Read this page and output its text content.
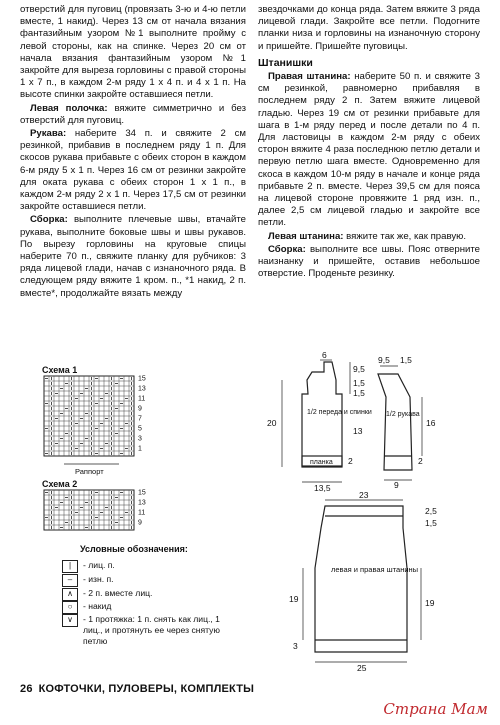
отверстий для пуговиц (провязать 3-ю и 4-ю петли вместе, 1 накид). Через 13 см от начала вязания фантазийным узором №1 выполните пройму с левой стороны, как на спинке. Через 20 см от начала вязания фантазийным узором №1 закройте для выреза горловины с правой стороны 1 х 7 п., в каждом 2-м ряду 1 х 4 п. и 4 х 1 п. На высоте спинки закройте оставшиеся петли.

Левая полочка: вяжите симметрично и без отверстий для пуговиц.

Рукава: наберите 34 п. и свяжите 2 см резинкой, прибавив в последнем ряду 1 п. Для скосов рукава прибавьте с обеих сторон в каждом 6-м ряду 5 х 1 п. Через 16 см от резинки закройте для оката рукава с обеих сторон 1 х 1 п., в каждом 2-м ряду 2 х 1 п. Через 17,5 см от резинки закройте оставшиеся петли.

Сборка: выполните плечевые швы, втачайте рукава, выполните боковые швы и швы рукавов. По вырезу горловины на круговые спицы наберите 70 п., свяжите планку для рубчиков: 3 ряда лицевой глади, начав с изнаночного ряда. В следующем ряду вяжите 1 кром. п., *1 накид, 2 п. вместе*, продолжайте вязать между

звездочками до конца ряда. Затем вяжите 3 ряда лицевой глади. Закройте все петли. Подогните планки низа и горловины на изнаночную сторону и пришейте. Пришейте пуговицы.

Штанишки

Правая штанина: наберите 50 п. и свяжите 3 см резинкой, равномерно прибавляя в последнем ряду 2 п. Затем вяжите лицевой гладью. Через 19 см от резинки прибавьте для шага в 1-м ряду перед и после детали по 4 п. Для ластовицы в каждом 2-м ряду с обеих сторон вяжите 4 раза последнюю петлю детали и первую петлю шага вместе. Одновременно для скоса в каждом 10-м ряду в начале и конце ряда прибавьте 2 п. вместе. Через 39,5 см для пояса на лицевой стороне провяжите 1 ряд изн. п., далее 2,5 см лицевой гладью и закройте все петли.

Левая штанина: вяжите так же, как правую.

Сборка: выполните все швы. Пояс отверните наизнанку и пришейте, оставив небольшое отверстие. Проденьте резинку.

Схема 1
15
13
11
9
7
5
3
1
Раппорт
Схема 2
15
13
11
9
Условные обозначения:
|	- лиц. п.
–	- изн. п.
∧	- 2 п. вместе лиц.
○	- накид
∨	- 1 протяжка: 1 п. снять как лиц., 1 лиц., и протянуть ее через снятую петлю
6
9,5
1,5
1,5
13
20
2
13,5
9,5 1,5
16
2
9
1/2 переда и спинки
планка
1/2 рукава
23
2,5
1,5
19	19
3
25
левая и правая штанины
26 КОФТОЧКИ, ПУЛОВЕРЫ, КОМПЛЕКТЫ
Страна Мам
